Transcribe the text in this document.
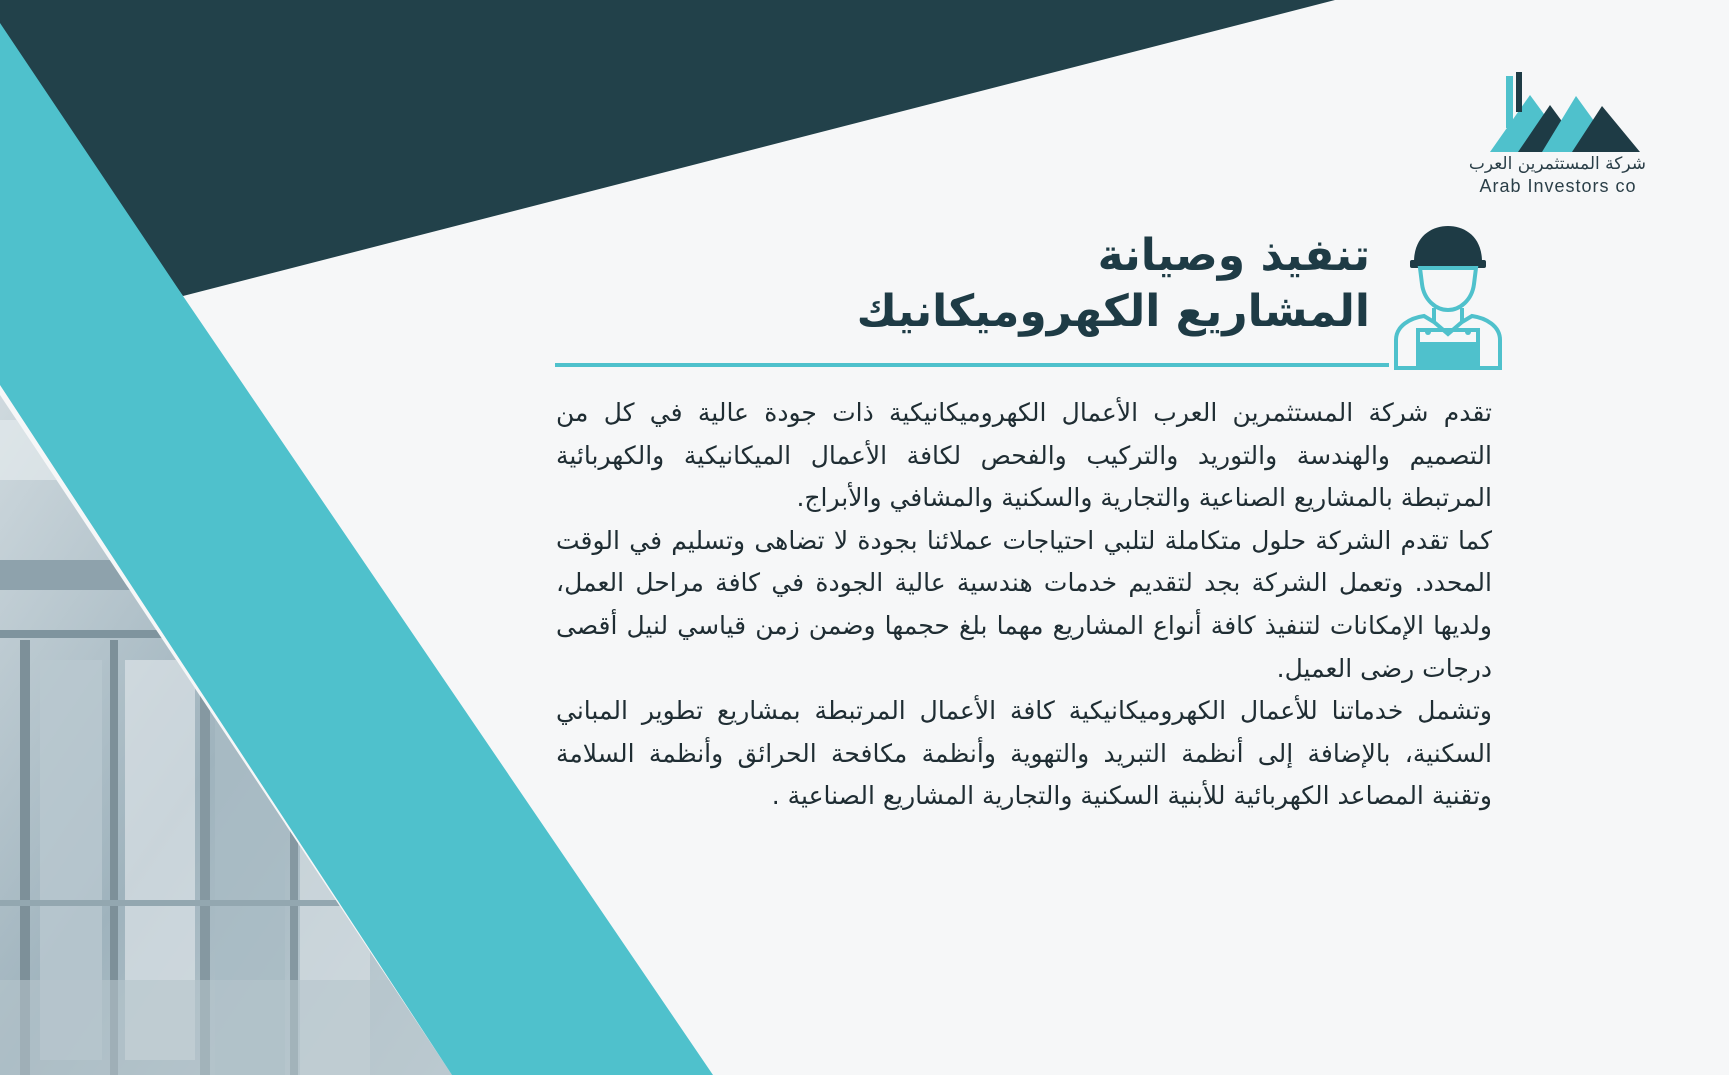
شركة المستثمرين العرب
Arab Investors co
تنفيذ وصيانة
المشاريع الكهروميكانيك

تقدم شركة المستثمرين العرب الأعمال الكهروميكانيكية ذات جودة عالية في كل من التصميم والهندسة والتوريد والتركيب والفحص لكافة الأعمال الميكانيكية والكهربائية المرتبطة بالمشاريع الصناعية والتجارية والسكنية والمشافي والأبراج.

كما تقدم الشركة حلول متكاملة لتلبي احتياجات عملائنا بجودة لا تضاهى وتسليم في الوقت المحدد. وتعمل الشركة بجد لتقديم خدمات هندسية عالية الجودة في كافة مراحل العمل، ولديها الإمكانات لتنفيذ كافة أنواع المشاريع مهما بلغ حجمها وضمن زمن قياسي لنيل أقصى درجات رضى العميل.

وتشمل خدماتنا للأعمال الكهروميكانيكية كافة الأعمال المرتبطة بمشاريع تطوير المباني السكنية، بالإضافة إلى أنظمة التبريد والتهوية وأنظمة مكافحة الحرائق وأنظمة السلامة وتقنية المصاعد الكهربائية للأبنية السكنية والتجارية المشاريع الصناعية .
